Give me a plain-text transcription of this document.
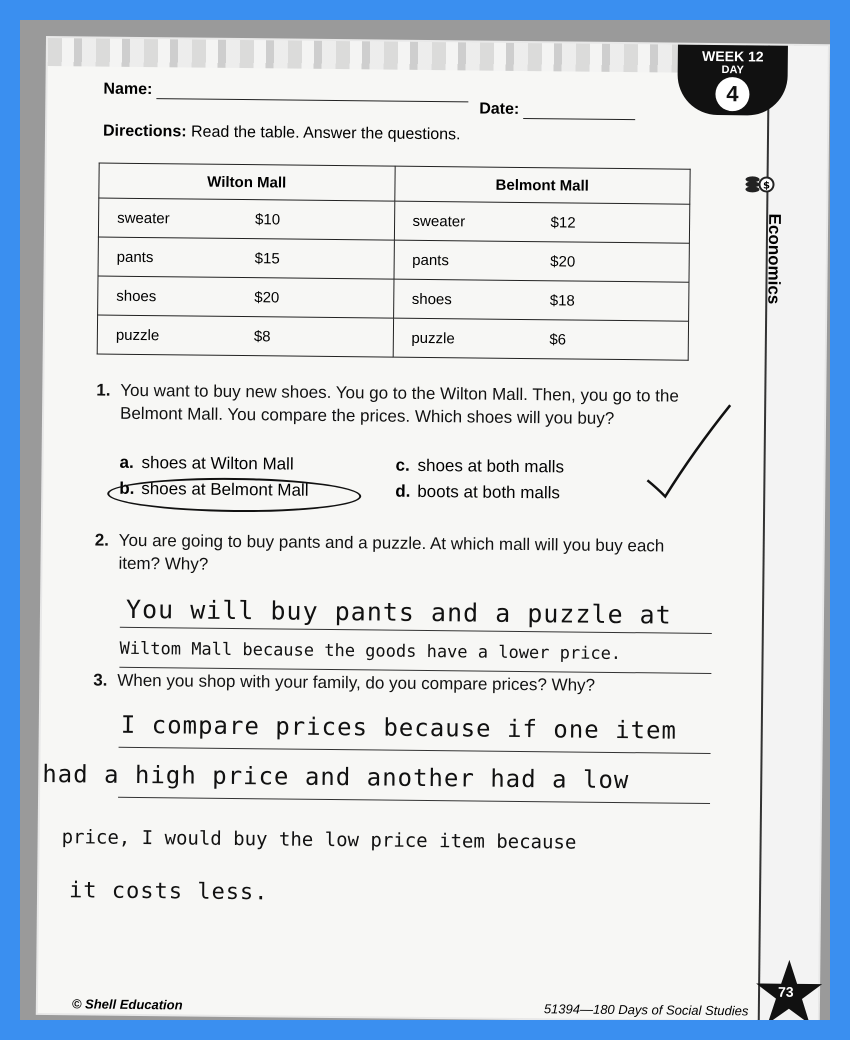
WEEK 12
DAY
4
Name:
Date:
Directions: Read the table. Answer the questions.
$
Economics
Wilton Mall	Belmont Mall

sweater $10	sweater $12

pants $15	pants $20

shoes $20	shoes $18

puzzle $8	puzzle $6
1. You want to buy new shoes. You go to the Wilton Mall. Then, you go to the Belmont Mall. You compare the prices. Which shoes will you buy?
a. shoes at Wilton Mall
b. shoes at Belmont Mall
c. shoes at both malls
d. boots at both malls
2. You are going to buy pants and a puzzle. At which mall will you buy each item? Why?
You will buy pants and a puzzle at
Wiltom Mall because the goods have a lower price.
3. When you shop with your family, do you compare prices? Why?
I compare prices because if one item
had a high price and another had a low
price, I would buy the low price item because
it costs less.
© Shell Education	51394—180 Days of Social Studies
73
